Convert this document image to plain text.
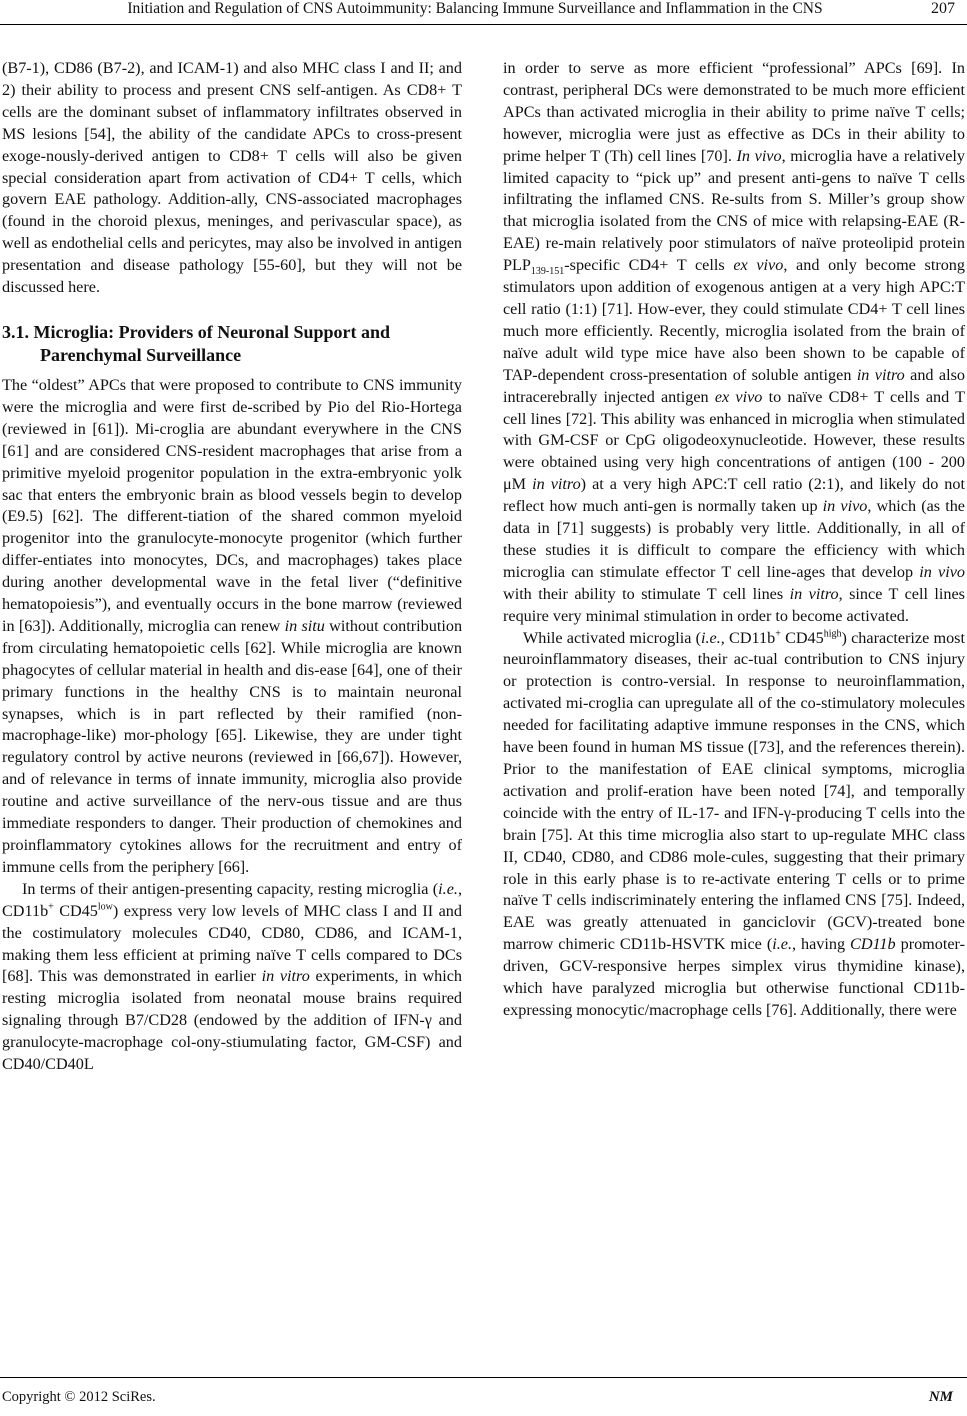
Initiation and Regulation of CNS Autoimmunity: Balancing Immune Surveillance and Inflammation in the CNS	207

(B7-1), CD86 (B7-2), and ICAM-1) and also MHC class I and II; and 2) their ability to process and present CNS self-antigen. As CD8+ T cells are the dominant subset of inflammatory infiltrates observed in MS lesions [54], the ability of the candidate APCs to cross-present exoge-nously-derived antigen to CD8+ T cells will also be given special consideration apart from activation of CD4+ T cells, which govern EAE pathology. Addition-ally, CNS-associated macrophages (found in the choroid plexus, meninges, and perivascular space), as well as endothelial cells and pericytes, may also be involved in antigen presentation and disease pathology [55-60], but they will not be discussed here.

3.1. Microglia: Providers of Neuronal Support and Parenchymal Surveillance

The “oldest” APCs that were proposed to contribute to CNS immunity were the microglia and were first de-scribed by Pio del Rio-Hortega (reviewed in [61]). Mi-croglia are abundant everywhere in the CNS [61] and are considered CNS-resident macrophages that arise from a primitive myeloid progenitor population in the extra-embryonic yolk sac that enters the embryonic brain as blood vessels begin to develop (E9.5) [62]. The different-tiation of the shared common myeloid progenitor into the granulocyte-monocyte progenitor (which further differ-entiates into monocytes, DCs, and macrophages) takes place during another developmental wave in the fetal liver (“definitive hematopoiesis”), and eventually occurs in the bone marrow (reviewed in [63]). Additionally, microglia can renew in situ without contribution from circulating hematopoietic cells [62]. While microglia are known phagocytes of cellular material in health and dis-ease [64], one of their primary functions in the healthy CNS is to maintain neuronal synapses, which is in part reflected by their ramified (non-macrophage-like) mor-phology [65]. Likewise, they are under tight regulatory control by active neurons (reviewed in [66,67]). However, and of relevance in terms of innate immunity, microglia also provide routine and active surveillance of the nerv-ous tissue and are thus immediate responders to danger. Their production of chemokines and proinflammatory cytokines allows for the recruitment and entry of immune cells from the periphery [66].

In terms of their antigen-presenting capacity, resting microglia (i.e., CD11b+ $CD45^{low}$) express very low levels of MHC class I and II and the costimulatory molecules CD40, CD80, CD86, and ICAM-1, making them less efficient at priming naïve T cells compared to DCs [68]. This was demonstrated in earlier in vitro experiments, in which resting microglia isolated from neonatal mouse brains required signaling through B7/CD28 (endowed by the addition of IFN-γ and granulocyte-macrophage col-ony-stiumulating factor, GM-CSF) and CD40/CD40L

in order to serve as more efficient “professional” APCs [69]. In contrast, peripheral DCs were demonstrated to be much more efficient APCs than activated microglia in their ability to prime naïve T cells; however, microglia were just as effective as DCs in their ability to prime helper T (Th) cell lines [70]. In vivo, microglia have a relatively limited capacity to “pick up” and present anti-gens to naïve T cells infiltrating the inflamed CNS. Re-sults from S. Miller’s group show that microglia isolated from the CNS of mice with relapsing-EAE (R-EAE) re-main relatively poor stimulators of naïve proteolipid protein $PLP_{139-151}$-specific CD4+ T cells ex vivo, and only become strong stimulators upon addition of exogenous antigen at a very high APC:T cell ratio (1:1) [71]. How-ever, they could stimulate CD4+ T cell lines much more efficiently. Recently, microglia isolated from the brain of naïve adult wild type mice have also been shown to be capable of TAP-dependent cross-presentation of soluble antigen in vitro and also intracerebrally injected antigen ex vivo to naïve CD8+ T cells and T cell lines [72]. This ability was enhanced in microglia when stimulated with GM-CSF or CpG oligodeoxynucleotide. However, these results were obtained using very high concentrations of antigen (100 - 200 μM in vitro) at a very high APC:T cell ratio (2:1), and likely do not reflect how much anti-gen is normally taken up in vivo, which (as the data in [71] suggests) is probably very little. Additionally, in all of these studies it is difficult to compare the efficiency with which microglia can stimulate effector T cell line-ages that develop in vivo with their ability to stimulate T cell lines in vitro, since T cell lines require very minimal stimulation in order to become activated.

While activated microglia (i.e., CD11b+ $CD45^{high}$) characterize most neuroinflammatory diseases, their ac-tual contribution to CNS injury or protection is contro-versial. In response to neuroinflammation, activated mi-croglia can upregulate all of the co-stimulatory molecules needed for facilitating adaptive immune responses in the CNS, which have been found in human MS tissue ([73], and the references therein). Prior to the manifestation of EAE clinical symptoms, microglia activation and prolif-eration have been noted [74], and temporally coincide with the entry of IL-17- and IFN-γ-producing T cells into the brain [75]. At this time microglia also start to up-regulate MHC class II, CD40, CD80, and CD86 mole-cules, suggesting that their primary role in this early phase is to re-activate entering T cells or to prime naïve T cells indiscriminately entering the inflamed CNS [75]. Indeed, EAE was greatly attenuated in ganciclovir (GCV)-treated bone marrow chimeric CD11b-HSVTK mice (i.e., having CD11b promoter-driven, GCV-responsive herpes simplex virus thymidine kinase), which have paralyzed microglia but otherwise functional CD11b-expressing monocytic/macrophage cells [76]. Additionally, there were

Copyright © 2012 SciRes.	NM
